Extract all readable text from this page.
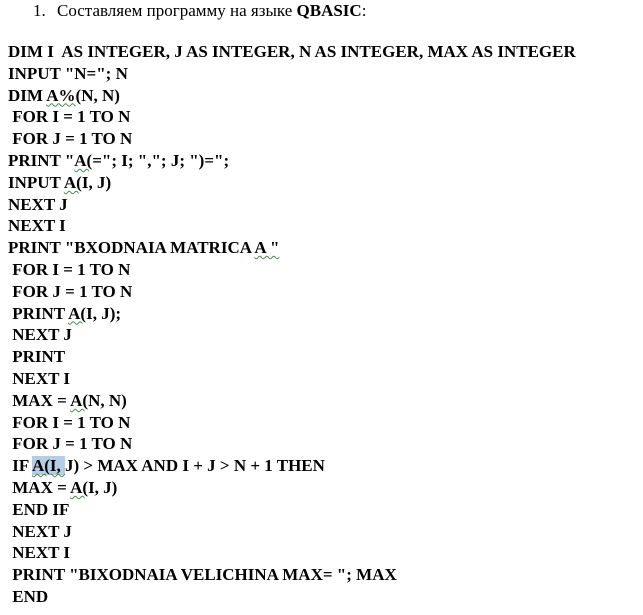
1. Составляем программу на языке QBASIC:
DIM I  AS INTEGER, J AS INTEGER, N AS INTEGER, MAX AS INTEGER
INPUT "N="; N
DIM A%(N, N)
FOR I = 1 TO N
FOR J = 1 TO N
PRINT "A(="; I; ","; J; ")=";
INPUT A(I, J)
NEXT J
NEXT I
PRINT "BXODNAIA MATRICA A "
FOR I = 1 TO N
FOR J = 1 TO N
PRINT A(I, J);
NEXT J
PRINT
NEXT I
MAX = A(N, N)
FOR I = 1 TO N
FOR J = 1 TO N
IF A(I, J) > MAX AND I + J > N + 1 THEN
MAX = A(I, J)
END IF
NEXT J
NEXT I
PRINT "BIXODNAIA VELICHINA MAX= "; MAX
END
